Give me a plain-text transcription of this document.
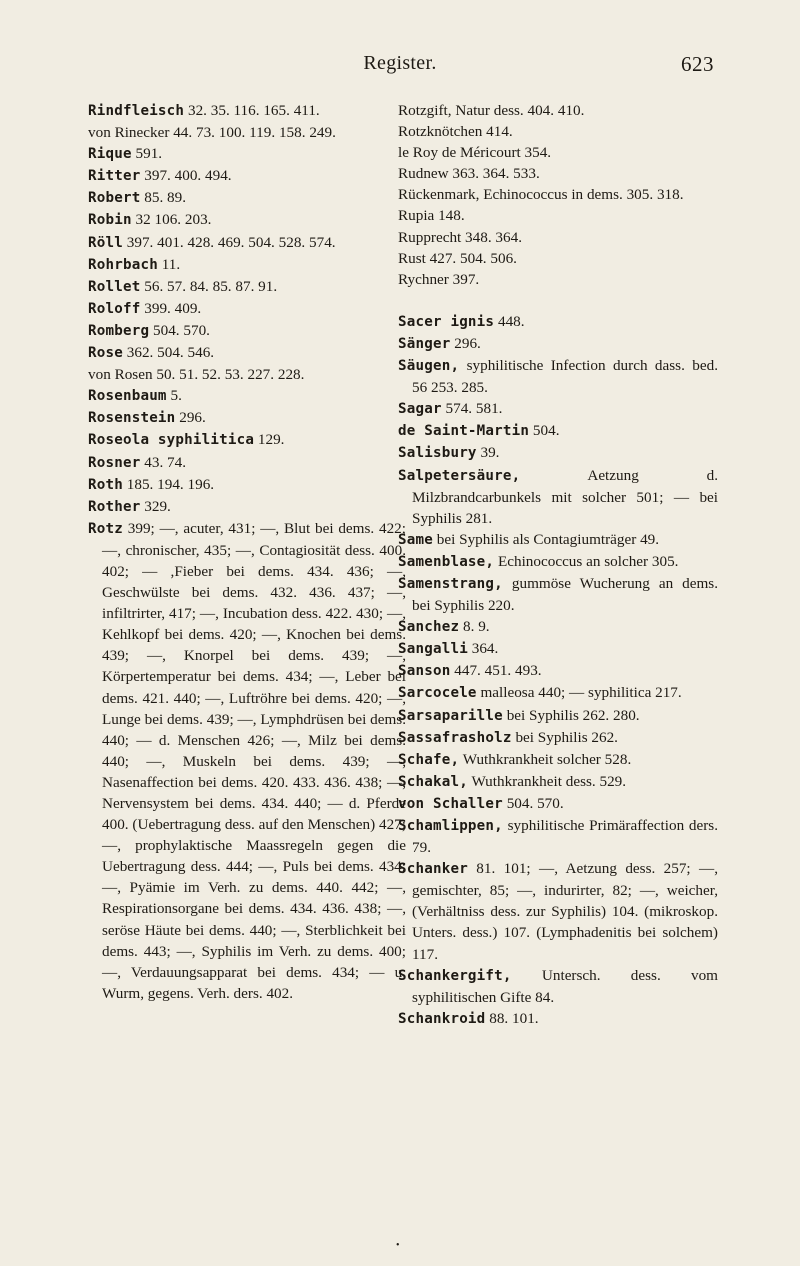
Register.	623
Rindfleisch 32. 35. 116. 165. 411.
von Rinecker 44. 73. 100. 119. 158. 249.
Rique 591.
Ritter 397. 400. 494.
Robert 85. 89.
Robin 32 106. 203.
Röll 397. 401. 428. 469. 504. 528. 574.
Rohrbach 11.
Rollet 56. 57. 84. 85. 87. 91.
Roloff 399. 409.
Romberg 504. 570.
Rose 362. 504. 546.
von Rosen 50. 51. 52. 53. 227. 228.
Rosenbaum 5.
Rosenstein 296.
Roseola syphilitica 129.
Rosner 43. 74.
Roth 185. 194. 196.
Rother 329.
Rotz 399; —, acuter, 431; —, Blut bei dems. 422; —, chronischer, 435; —, Contagiosität dess. 400. 402; — ,Fieber bei dems. 434. 436; —, Geschwülste bei dems. 432. 436. 437; —, infiltrirter, 417; —, Incubation dess. 422. 430; —, Kehlkopf bei dems. 420; —, Knochen bei dems. 439; —, Knorpel bei dems. 439; —, Körpertemperatur bei dems. 434; —, Leber bei dems. 421. 440; —, Luftröhre bei dems. 420; —, Lunge bei dems. 439; —, Lymphdrüsen bei dems. 440; — d. Menschen 426; —, Milz bei dems. 440; —, Muskeln bei dems. 439; —, Nasenaffection bei dems. 420. 433. 436. 438; —, Nervensystem bei dems. 434. 440; — d. Pferde 400. (Uebertragung dess. auf den Menschen) 427; —, prophylaktische Maassregeln gegen die Uebertragung dess. 444; —, Puls bei dems. 434; —, Pyämie im Verh. zu dems. 440. 442; —, Respirationsorgane bei dems. 434. 436. 438; —, seröse Häute bei dems. 440; —, Sterblichkeit bei dems. 443; —, Syphilis im Verh. zu dems. 400; —, Verdauungsapparat bei dems. 434; — u. Wurm, gegens. Verh. ders. 402.
Rotzgift, Natur dess. 404. 410.
Rotzknötchen 414.
le Roy de Méricourt 354.
Rudnew 363. 364. 533.
Rückenmark, Echinococcus in dems. 305. 318.
Rupia 148.
Rupprecht 348. 364.
Rust 427. 504. 506.
Rychner 397.
Sacer ignis 448.
Sänger 296.
Säugen, syphilitische Infection durch dass. bed. 56 253. 285.
Sagar 574. 581.
de Saint-Martin 504.
Salisbury 39.
Salpetersäure, Aetzung d. Milzbrandcarbunkels mit solcher 501; — bei Syphilis 281.
Same bei Syphilis als Contagiumträger 49.
Samenblase, Echinococcus an solcher 305.
Samenstrang, gummöse Wucherung an dems. bei Syphilis 220.
Sanchez 8. 9.
Sangalli 364.
Sanson 447. 451. 493.
Sarcocele malleosa 440; — syphilitica 217.
Sarsaparille bei Syphilis 262. 280.
Sassafrasholz bei Syphilis 262.
Schafe, Wuthkrankheit solcher 528.
Schakal, Wuthkrankheit dess. 529.
von Schaller 504. 570.
Schamlippen, syphilitische Primäraffection ders. 79.
Schanker 81. 101; —, Aetzung dess. 257; —, gemischter, 85; —, indurirter, 82; —, weicher, (Verhältniss dess. zur Syphilis) 104. (mikroskop. Unters. dess.) 107. (Lymphadenitis bei solchem) 117.
Schankergift, Untersch. dess. vom syphilitischen Gifte 84.
Schankroid 88. 101.
•
